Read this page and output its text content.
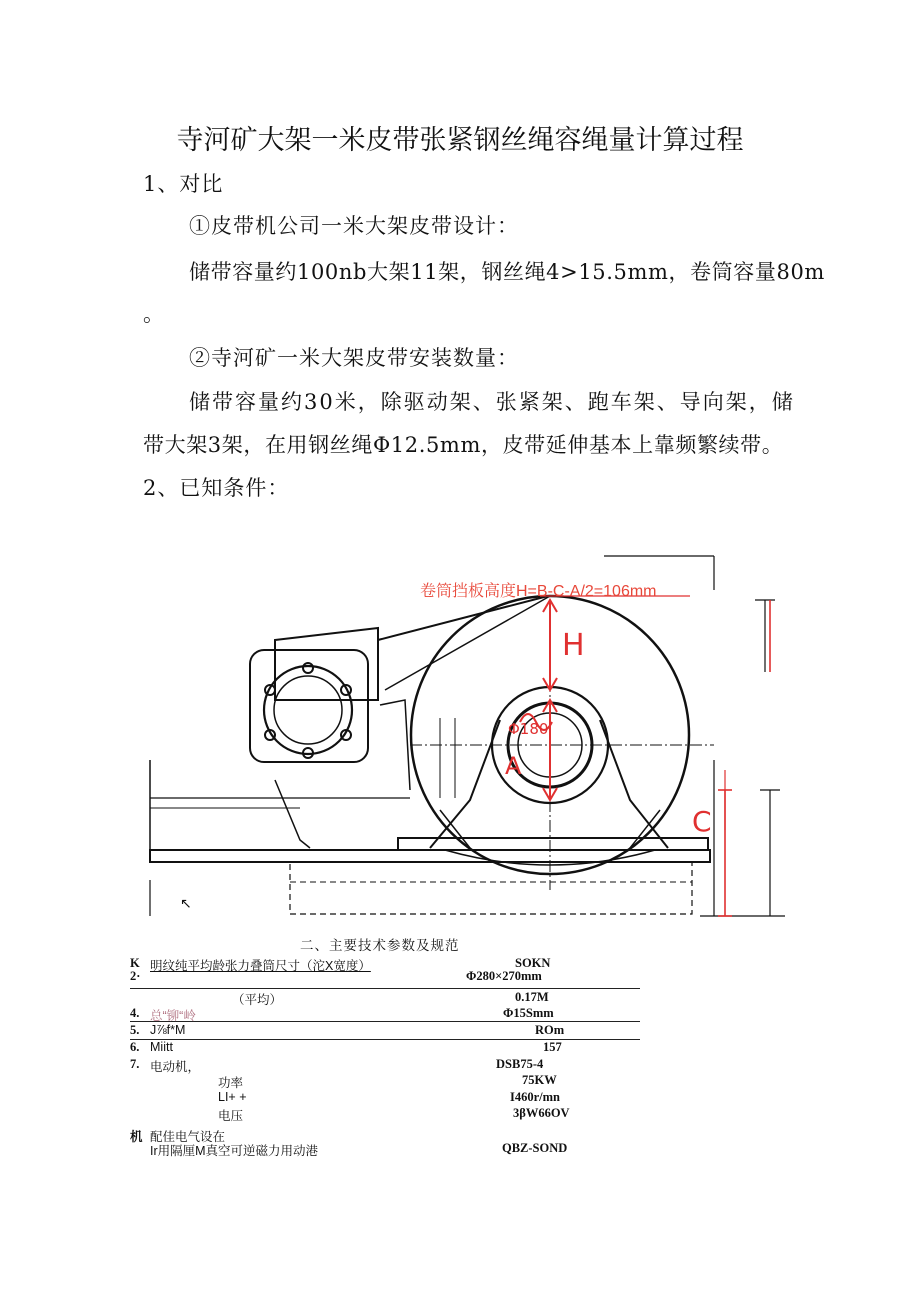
寺河矿大架一米皮带张紧钢丝绳容绳量计算过程
1、对比
①皮带机公司一米大架皮带设计：
储带容量约100nb大架11架，钢丝绳4>15.5mm，卷筒容量80m
。
②寺河矿一米大架皮带安装数量：
储带容量约30米，除驱动架、张紧架、跑车架、导向架，储
带大架3架，在用钢丝绳Φ12.5mm，皮带延伸基本上靠频繁续带。
2、已知条件：
卷筒挡板高度H=B-C-A/2=106mm
H
A
C
Φ180
↖
二、主要技术参数及规范
K 明纹纯平均龄张力叠筒尺寸（沱X宽度）	SOKN
2·	Φ280×270mm
（平均）	0.17M
4. 总“铆“岭	Φ15Smm
5. J⅞f*M	ROm
6. Miitt	157
7. 电动机，	DSB75-4
功率	75KW
LI+ +	I460r/mn
电压	3βW66OV
机 配佳电气设在
Ir用隔厘M真空可逆磁力用动港	QBZ-SOND
